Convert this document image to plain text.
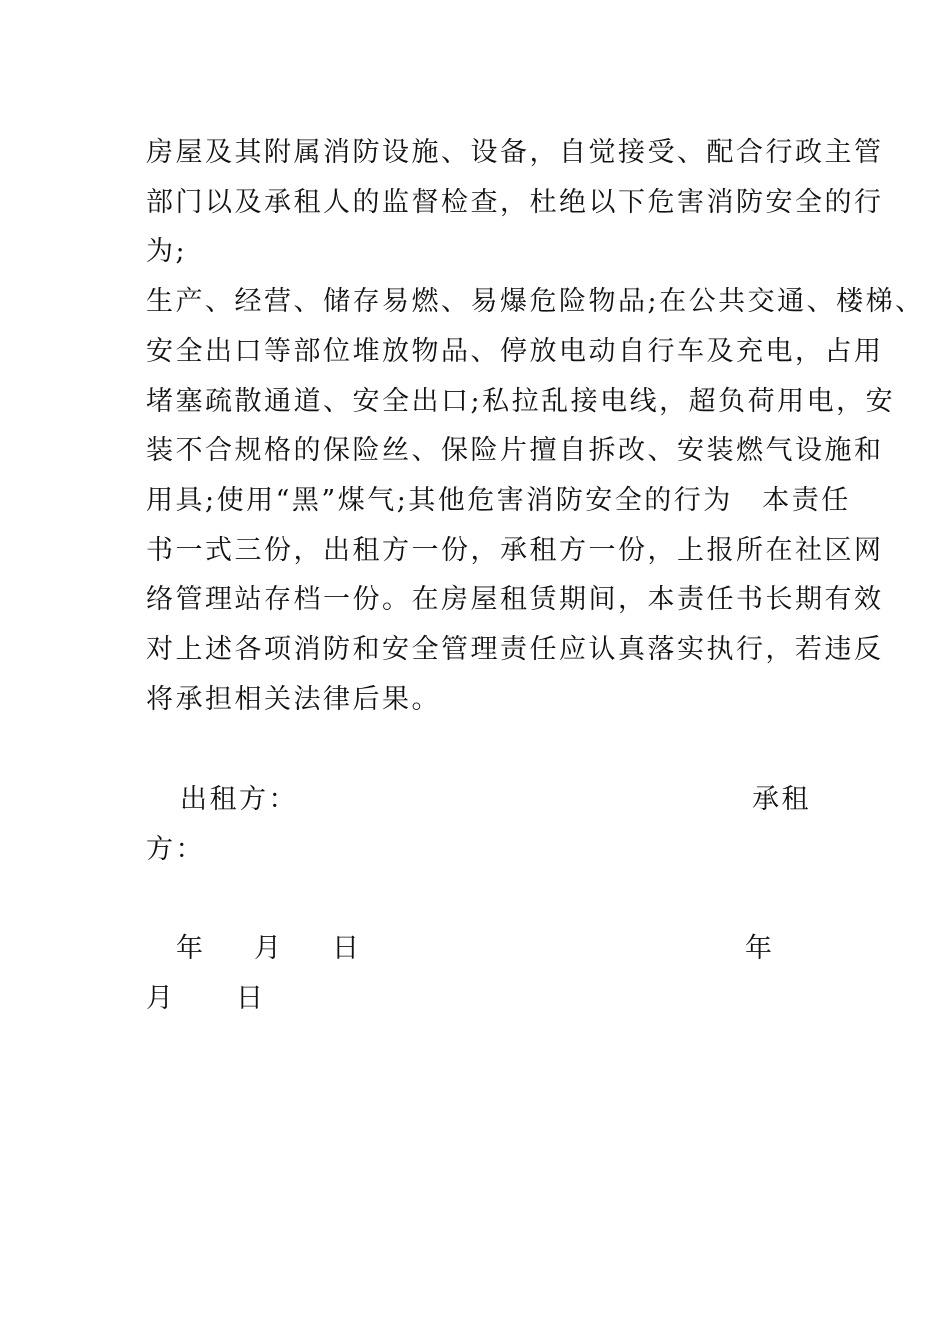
房屋及其附属消防设施、设备，自觉接受、配合行政主管
部门以及承租人的监督检查，杜绝以下危害消防安全的行
为;
生产、经营、储存易燃、易爆危险物品;在公共交通、楼梯、
安全出口等部位堆放物品、停放电动自行车及充电，占用
堵塞疏散通道、安全出口;私拉乱接电线，超负荷用电，安
装不合规格的保险丝、保险片擅自拆改、安装燃气设施和
用具;使用“黑”煤气;其他危害消防安全的行为　本责任
书一式三份，出租方一份，承租方一份，上报所在社区网
络管理站存档一份。在房屋租赁期间，本责任书长期有效
对上述各项消防和安全管理责任应认真落实执行，若违反
将承担相关法律后果。
出租方：	承租
方：
年 月 日	年
月 日
